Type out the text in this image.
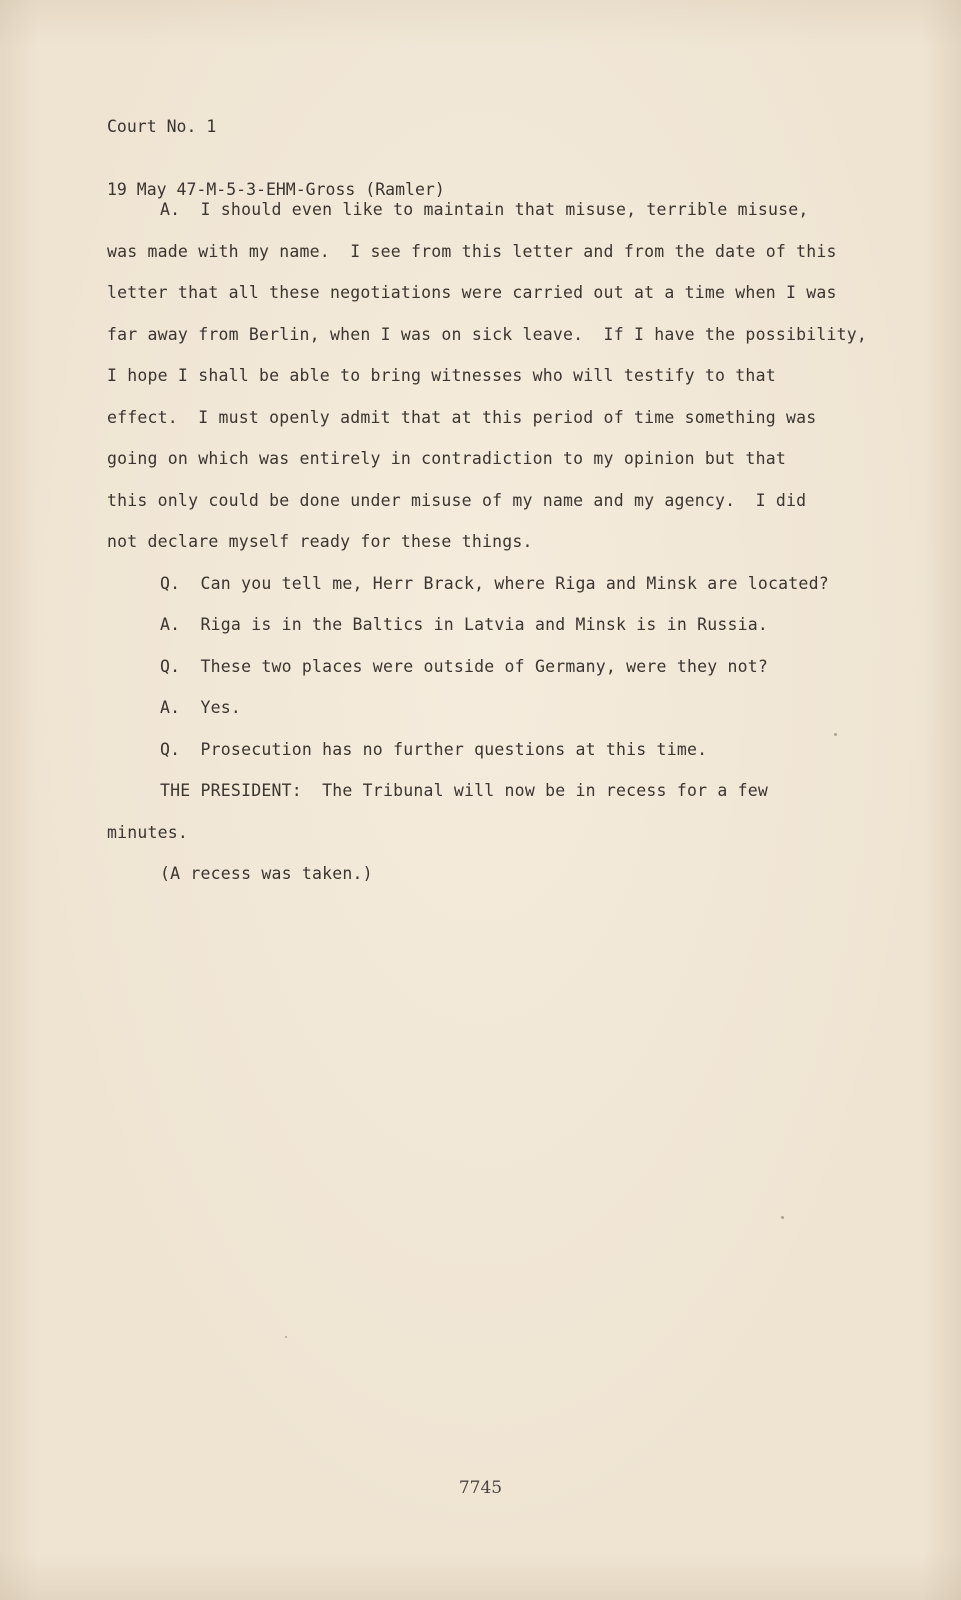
Court No. 1

19 May 47-M-5-3-EHM-Gross (Ramler)

A.  I should even like to maintain that misuse, terrible misuse,
was made with my name.  I see from this letter and from the date of this
letter that all these negotiations were carried out at a time when I was
far away from Berlin, when I was on sick leave.  If I have the possibility,
I hope I shall be able to bring witnesses who will testify to that
effect.  I must openly admit that at this period of time something was
going on which was entirely in contradiction to my opinion but that
this only could be done under misuse of my name and my agency.  I did
not declare myself ready for these things.
Q.  Can you tell me, Herr Brack, where Riga and Minsk are located?
A.  Riga is in the Baltics in Latvia and Minsk is in Russia.
Q.  These two places were outside of Germany, were they not?
A.  Yes.
Q.  Prosecution has no further questions at this time.
THE PRESIDENT:  The Tribunal will now be in recess for a few
minutes.
(A recess was taken.)
7745
